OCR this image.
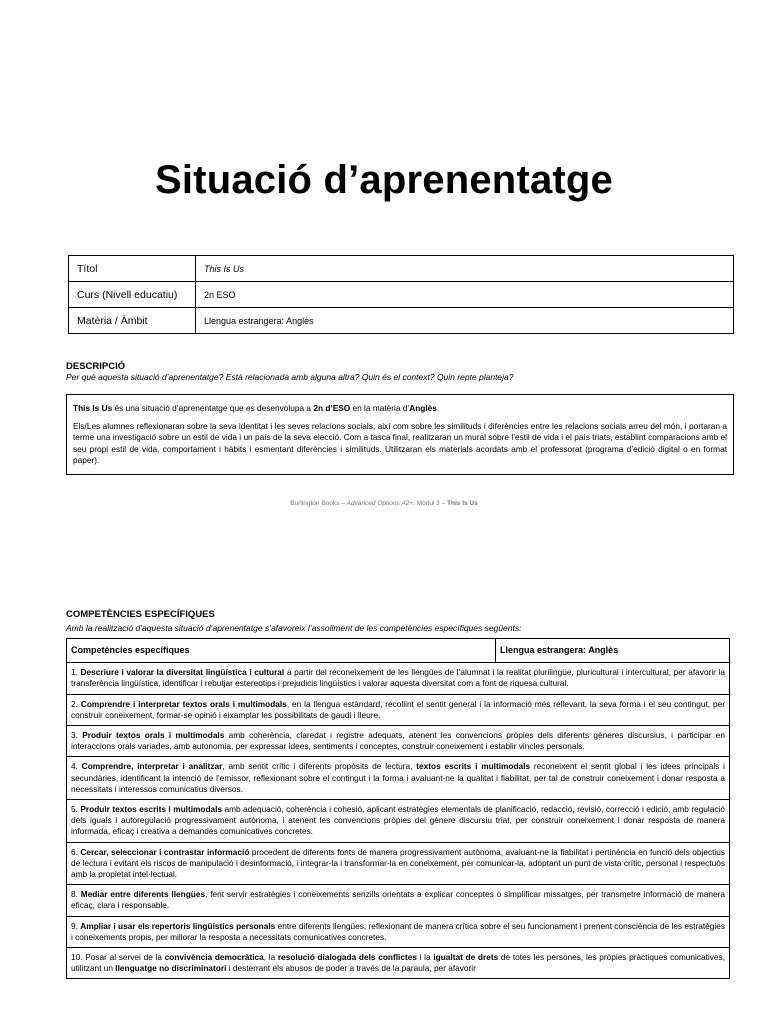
Situació d’aprenentatge
Títol	This Is Us
Curs (Nivell educatiu)	2n ESO
Matèria / Àmbit	Llengua estrangera: Anglès
DESCRIPCIÓ
Per què aquesta situació d’aprenentatge? Està relacionada amb alguna altra? Quin és el context? Quin repte planteja?

This Is Us és una situació d’aprenentatge que es desenvolupa a 2n d’ESO en la matèria d’Anglès.

Els/Les alumnes reflexionaran sobre la seva identitat i les seves relacions socials, així com sobre les similituds i diferències entre les relacions socials arreu del món, i portaran a terme una investigació sobre un estil de vida i un país de la seva elecció. Com a tasca final, realitzaran un mural sobre l’estil de vida i el país triats, establint comparacions amb el seu propi estil de vida, comportament i hàbits i esmentant diferències i similituds. Utilitzaran els materials acordats amb el professorat (programa d’edició digital o en format paper).

Burlington Books – Advanced Options A2+: Mòdul 3 – This Is Us
COMPETÈNCIES ESPECÍFIQUES
Amb la realització d’aquesta situació d’aprenentatge s’afavoreix l’assoliment de les competències específiques següents:
Competències específiques	Llengua estrangera: Anglès
1. Descriure i valorar la diversitat lingüística i cultural a partir del reconeixement de les llengües de l’alumnat i la realitat plurilingüe, pluricultural i intercultural, per afavorir la transferència lingüística, identificar i rebutjar estereotips i prejudicis lingüístics i valorar aquesta diversitat com a font de riquesa cultural.
2. Comprendre i interpretar textos orals i multimodals, en la llengua estàndard, recollint el sentit general i la informació més rellevant, la seva forma i el seu contingut, per construir coneixement, formar-se opinió i eixamplar les possibilitats de gaudi i lleure.
3. Produir textos orals i multimodals amb coherència, claredat i registre adequats, atenent les convencions pròpies dels diferents gèneres discursius, i participar en interaccions orals variades, amb autonomia, per expressar idees, sentiments i conceptes, construir coneixement i establir vincles personals.
4. Comprendre, interpretar i analitzar, amb sentit crític i diferents propòsits de lectura, textos escrits i multimodals reconeixent el sentit global i les idees principals i secundàries, identificant la intenció de l’emissor, reflexionant sobre el contingut i la forma i avaluant-ne la qualitat i fiabilitat, per tal de construir coneixement i donar resposta a necessitats i interessos comunicatius diversos.
5. Produir textos escrits i multimodals amb adequació, coherència i cohesió, aplicant estratègies elementals de planificació, redacció, revisió, correcció i edició, amb regulació dels iguals i autoregulació progressivament autònoma, i atenent les convencions pròpies del gènere discursiu triat, per construir coneixement i donar resposta de manera informada, eficaç i creativa a demandes comunicatives concretes.
6. Cercar, seleccionar i contrastar informació procedent de diferents fonts de manera progressivament autònoma, avaluant-ne la fiabilitat i pertinència en funció dels objectius de lectura i evitant els riscos de manipulació i desinformació, i integrar-la i transformar-la en coneixement, per comunicar-la, adoptant un punt de vista crític, personal i respectuós amb la propietat intel·lectual.
8. Mediar entre diferents llengües, fent servir estratègies i coneixements senzills orientats a explicar conceptes o simplificar missatges, per transmetre informació de manera eficaç, clara i responsable.
9. Ampliar i usar els repertoris lingüístics personals entre diferents llengües, reflexionant de manera crítica sobre el seu funcionament i prenent consciència de les estratègies i coneixements propis, per millorar la resposta a necessitats comunicatives concretes.
10. Posar al servei de la convivència democràtica, la resolució dialogada dels conflictes i la igualtat de drets de totes les persones, les pròpies pràctiques comunicatives, utilitzant un llenguatge no discriminatori i desterrant els abusos de poder a través de la paraula, per afavorir
